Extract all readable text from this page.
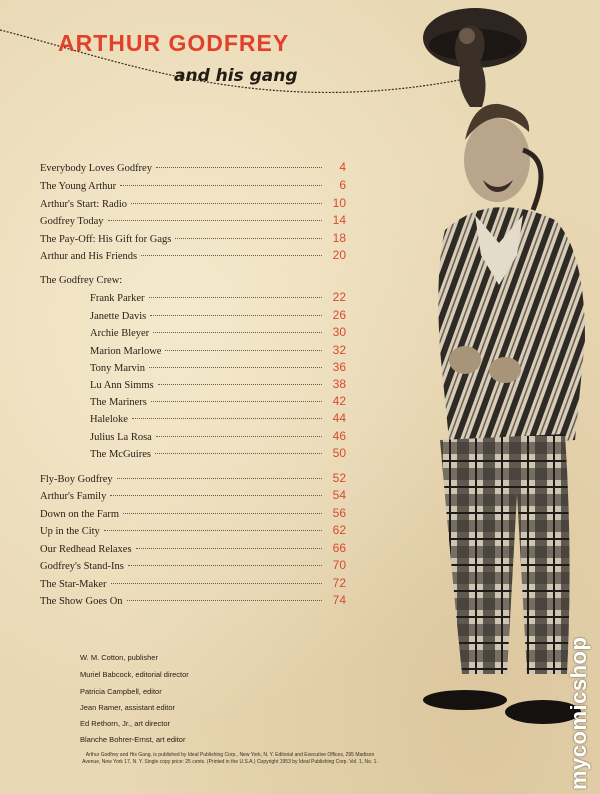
ARTHUR GODFREY
and his gang
Everybody Loves Godfrey	4
The Young Arthur	6
Arthur's Start: Radio	10
Godfrey Today	14
The Pay-Off: His Gift for Gags	18
Arthur and His Friends	20
The Godfrey Crew:
Frank Parker	22
Janette Davis	26
Archie Bleyer	30
Marion Marlowe	32
Tony Marvin	36
Lu Ann Simms	38
The Mariners	42
Haleloke	44
Julius La Rosa	46
The McGuires	50
Fly-Boy Godfrey	52
Arthur's Family	54
Down on the Farm	56
Up in the City	62
Our Redhead Relaxes	66
Godfrey's Stand-Ins	70
The Star-Maker	72
The Show Goes On	74
W. M. Cotton, publisher
Muriel Babcock, editorial director
Patricia Campbell, editor
Jean Ramer, assistant editor
Ed Rethorn, Jr., art director
Blanche Bohrer-Ernst, art editor
Arthur Godfrey and His Gang, is published by Ideal Publishing Corp., New York, N. Y. Editorial and Executive Offices, 295 Madison Avenue, New York 17, N. Y. Single copy price: 25 cents. (Printed in the U.S.A.) Copyright 1953 by Ideal Publishing Corp. Vol. 1, No. 1.	mycomicshop
